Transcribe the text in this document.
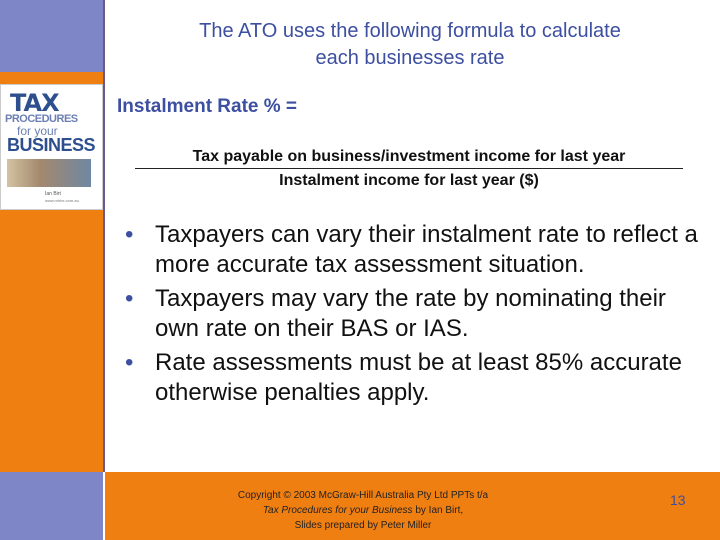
TAX
PROCEDURES
for your
BUSINESS
Ian Birt
www.mhhe.com.au
The ATO uses the following formula to calculate
each businesses rate
Instalment Rate % =
Tax payable on business/investment income for last year
Instalment income for last year ($)
• Taxpayers can vary their instalment rate to reflect a more accurate tax assessment situation.
• Taxpayers may vary the rate by nominating their own rate on their BAS or IAS.
• Rate assessments must be at least 85% accurate otherwise penalties apply.
Copyright © 2003 McGraw-Hill Australia Pty Ltd PPTs t/a
Tax Procedures for your Business by Ian Birt,
Slides prepared by Peter Miller
13
